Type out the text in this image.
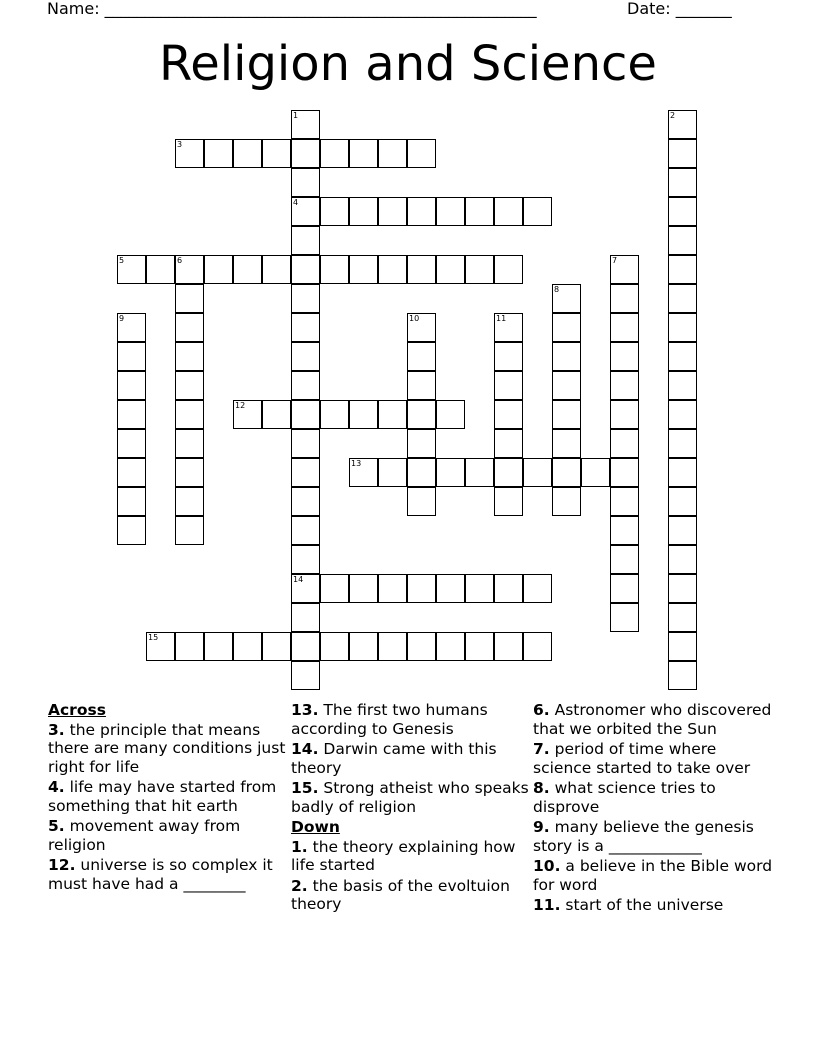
Name: ______________________________________________________	Date: _______
Religion and Science
1
4
14
2
3
5	6	7
8
9	10	11
12
13
15
Across
3. the principle that means there are many conditions just right for life
4. life may have started from something that hit earth
5. movement away from religion
12. universe is so complex it must have had a ________
13. The first two humans according to Genesis
14. Darwin came with this theory
15. Strong atheist who speaks badly of religion
Down
1. the theory explaining how life started
2. the basis of the evoltuion theory
6. Astronomer who discovered that we orbited the Sun
7. period of time where science started to take over
8. what science tries to disprove
9. many believe the genesis story is a ____________
10. a believe in the Bible word for word
11. start of the universe
